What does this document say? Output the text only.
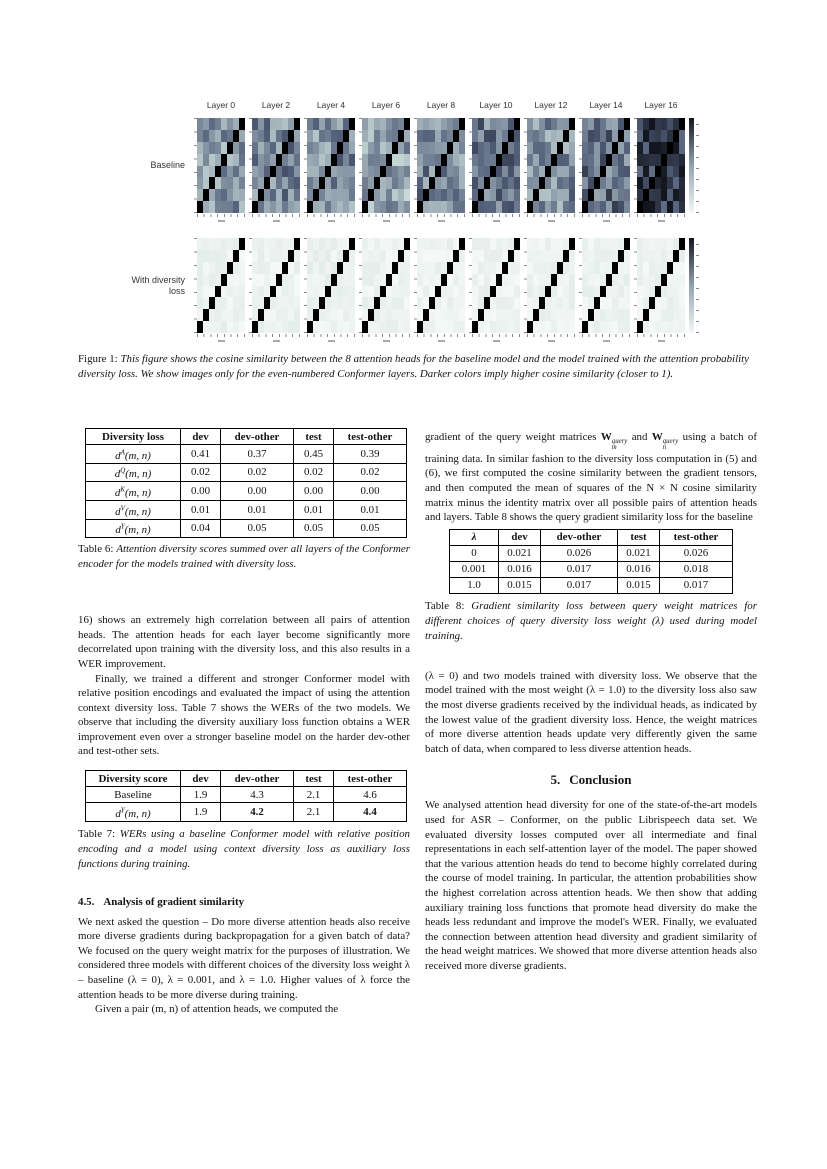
Layer 0	Layer 2	Layer 4	Layer 6	Layer 8	Layer 10	Layer 12	Layer 14	Layer 16
Baseline
With diversity
loss
Figure 1: This figure shows the cosine similarity between the 8 attention heads for the baseline model and the model trained with the attention probability diversity loss. We show images only for the even-numbered Conformer layers. Darker colors imply higher cosine similarity (closer to 1).
Diversity loss	dev	dev-other	test	test-other
$d^A(m$, n)	0.41	0.37	0.45	0.39
$d^Q(m$, n)	0.02	0.02	0.02	0.02
$d^K(m$, n)	0.00	0.00	0.00	0.00
$d^V(m$, n)	0.01	0.01	0.01	0.01
$d^Y(m$, n)	0.04	0.05	0.05	0.05
Table 6: Attention diversity scores summed over all layers of the Conformer encoder for the models trained with diversity loss.

16) shows an extremely high correlation between all pairs of attention heads. The attention heads for each layer become significantly more decorrelated upon training with the diversity loss, and this also results in a WER improvement.

Finally, we trained a different and stronger Conformer model with relative position encodings and evaluated the impact of using the attention context diversity loss. Table 7 shows the WERs of the two models. We observe that including the diversity auxiliary loss function obtains a WER improvement even over a stronger baseline model on the harder dev-other and test-other sets.

Diversity score	dev	dev-other	test	test-other
Baseline	1.9	4.3	2.1	4.6
$d^Y(m$, n)	1.9	4.2	2.1	4.4
Table 7: WERs using a baseline Conformer model with relative position encoding and a model using context diversity loss as auxiliary loss functions during training.
4.5. Analysis of gradient similarity

We next asked the question – Do more diverse attention heads also receive more diverse gradients during backpropagation for a given batch of data? We focused on the query weight matrix for the purposes of illustration. We considered three models with different choices of the diversity loss weight λ – baseline (λ = 0), λ = 0.001, and λ = 1.0. Higher values of λ force the attention heads to be more diverse during training.

Given a pair (m, n) of attention heads, we computed the

gradient of the query weight matrices W query
m
and W query
n
using a batch of training data. In similar fashion to the diversity loss computation in (5) and (6), we first computed the cosine similarity between the gradient tensors, and then computed the mean of squares of the N × N cosine similarity matrix minus the identity matrix over all possible pairs of attention heads and layers. Table 8 shows the query gradient similarity loss for the baseline

λ	dev	dev-other	test	test-other
0	0.021	0.026	0.021	0.026
0.001	0.016	0.017	0.016	0.018
1.0	0.015	0.017	0.015	0.017
Table 8: Gradient similarity loss between query weight matrices for different choices of query diversity loss weight (λ) used during model training.

(λ = 0) and two models trained with diversity loss. We observe that the model trained with the most weight (λ = 1.0) to the diversity loss also saw the most diverse gradients received by the individual heads, as indicated by the lowest value of the gradient diversity loss. Hence, the weight matrices of more diverse attention heads update very differently given the same batch of data, when compared to less diverse attention heads.

5. Conclusion

We analysed attention head diversity for one of the state-of-the-art models used for ASR – Conformer, on the public Librispeech data set. We evaluated diversity losses computed over all intermediate and final representations in each self-attention layer of the model. The paper showed that the various attention heads do tend to become highly correlated during the course of model training. In particular, the attention probabilities show the highest correlation across attention heads. We then show that adding auxiliary training loss functions that promote head diversity do make the heads less redundant and improve the model's WER. Finally, we evaluated the connection between attention head diversity and gradient similarity of the head weight matrices. We showed that more diverse attention heads also received more diverse gradients.
